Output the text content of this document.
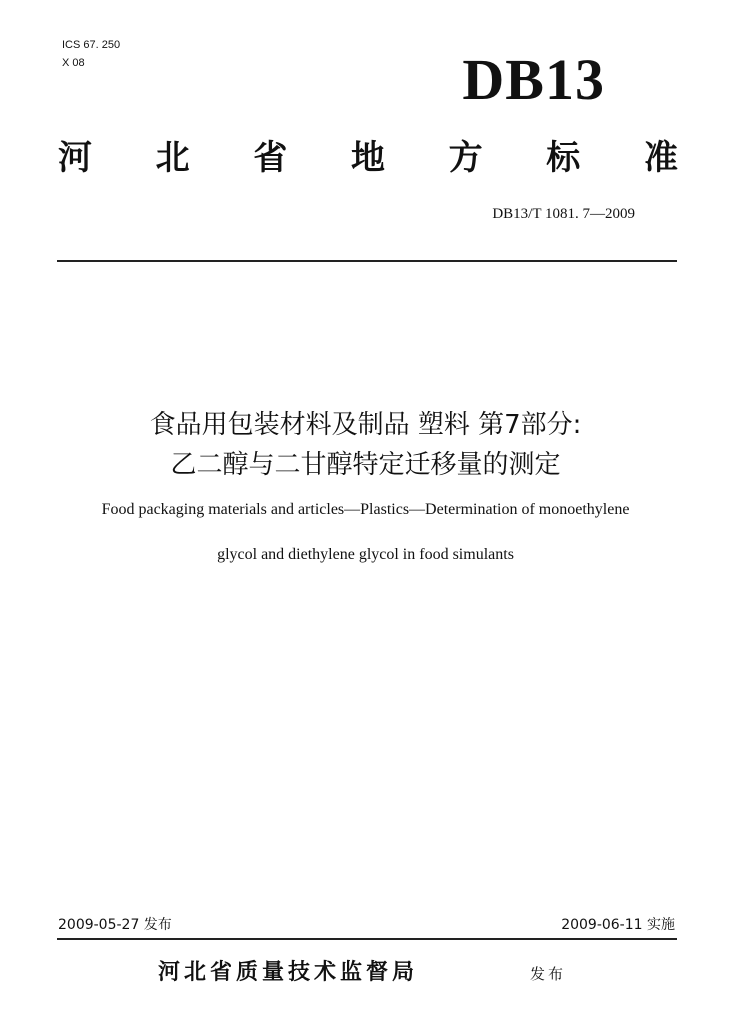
ICS 67. 250
X 08	DB13
河 北 省 地 方 标 准
DB13/T 1081. 7—2009
食品用包装材料及制品 塑料 第7部分:
乙二醇与二甘醇特定迁移量的测定
Food packaging materials and articles—Plastics—Determination of monoethylene
glycol and diethylene glycol in food simulants
2009-05-27 发布	2009-06-11 实施
河北省质量技术监督局	发布
